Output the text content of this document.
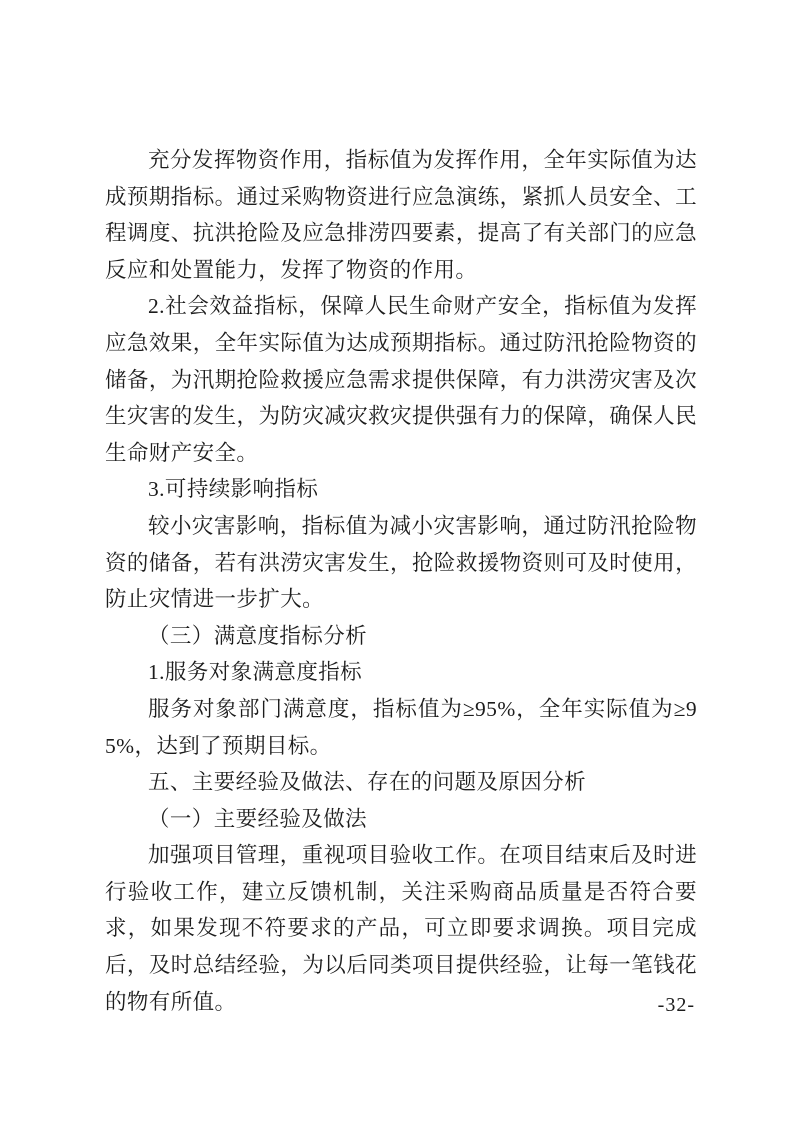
充分发挥物资作用，指标值为发挥作用，全年实际值为达成预期指标。通过采购物资进行应急演练，紧抓人员安全、工程调度、抗洪抢险及应急排涝四要素，提高了有关部门的应急反应和处置能力，发挥了物资的作用。

2.社会效益指标，保障人民生命财产安全，指标值为发挥应急效果，全年实际值为达成预期指标。通过防汛抢险物资的储备，为汛期抢险救援应急需求提供保障，有力洪涝灾害及次生灾害的发生，为防灾减灾救灾提供强有力的保障，确保人民生命财产安全。

3.可持续影响指标

较小灾害影响，指标值为减小灾害影响，通过防汛抢险物资的储备，若有洪涝灾害发生，抢险救援物资则可及时使用，防止灾情进一步扩大。

（三）满意度指标分析

1.服务对象满意度指标

服务对象部门满意度，指标值为≥95%，全年实际值为≥95%，达到了预期目标。

五、主要经验及做法、存在的问题及原因分析

（一）主要经验及做法

加强项目管理，重视项目验收工作。在项目结束后及时进行验收工作，建立反馈机制，关注采购商品质量是否符合要求，如果发现不符要求的产品，可立即要求调换。项目完成后，及时总结经验，为以后同类项目提供经验，让每一笔钱花的物有所值。	-32-
